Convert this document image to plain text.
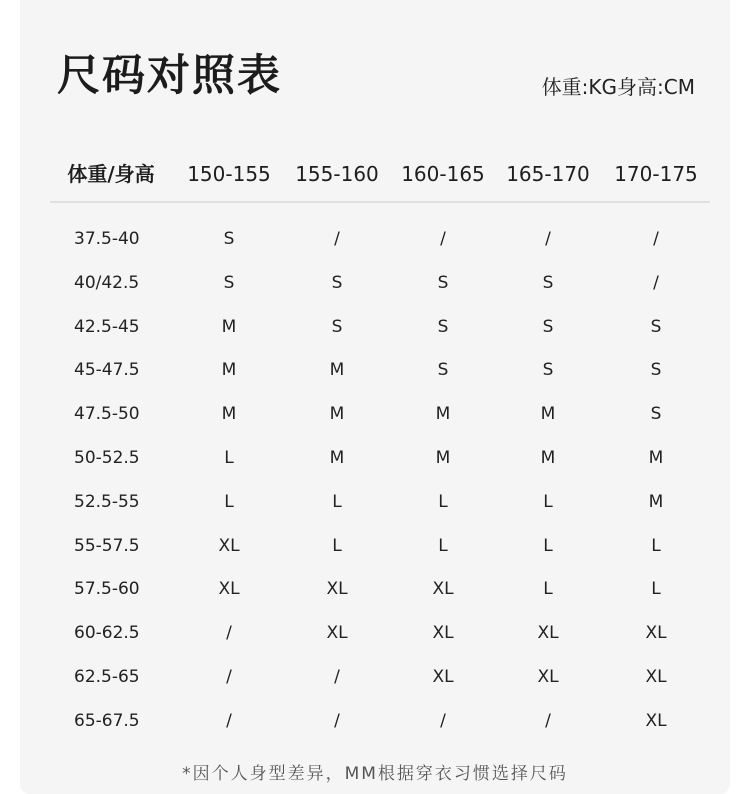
尺码对照表	体重:KG身高:CM
体重/身高	150-155	155-160	160-165	165-170	170-175
37.5-40	S	/	/	/	/
40/42.5	S	S	S	S	/
42.5-45	M	S	S	S	S
45-47.5	M	M	S	S	S
47.5-50	M	M	M	M	S
50-52.5	L	M	M	M	M
52.5-55	L	L	L	L	M
55-57.5	XL	L	L	L	L
57.5-60	XL	XL	XL	L	L
60-62.5	/	XL	XL	XL	XL
62.5-65	/	/	XL	XL	XL
65-67.5	/	/	/	/	XL
*因个人身型差异，MM根据穿衣习惯选择尺码
